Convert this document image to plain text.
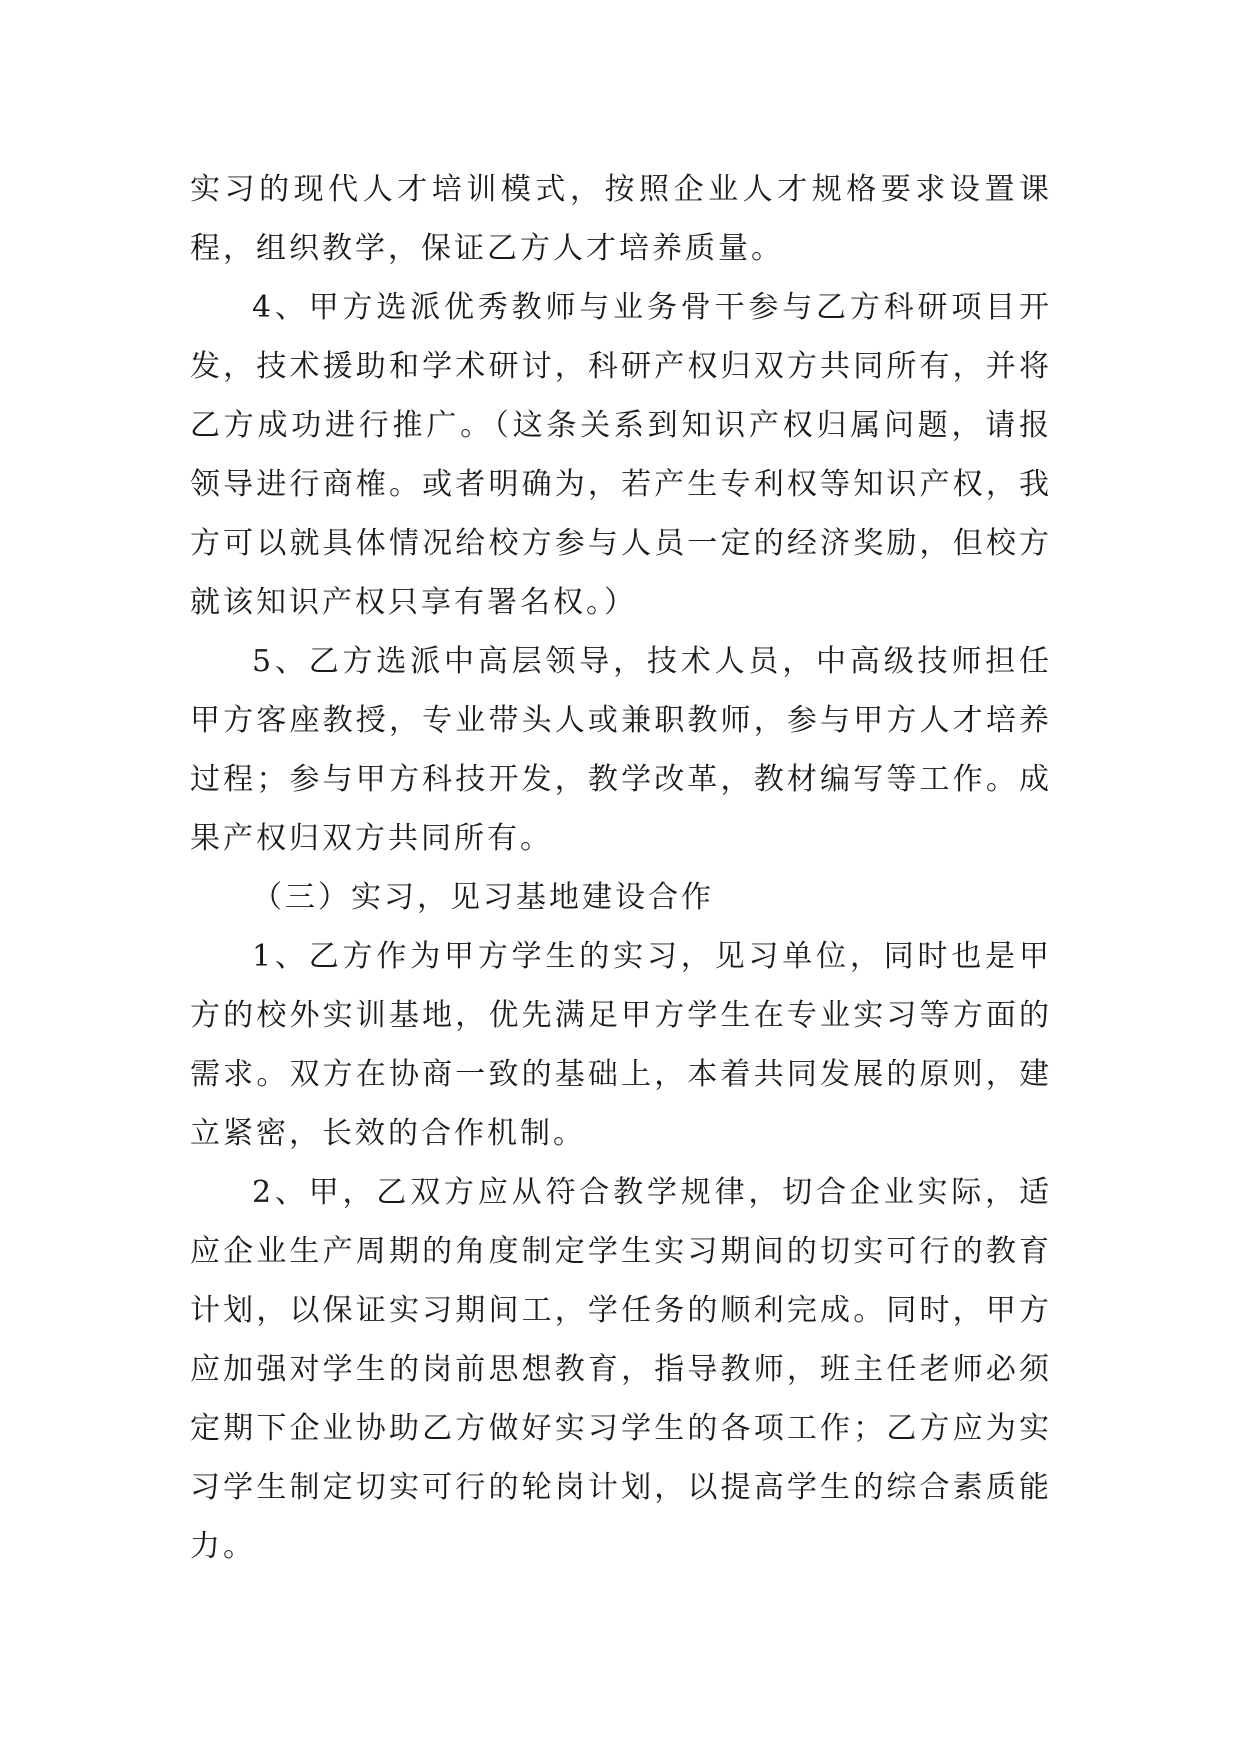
实习的现代人才培训模式，按照企业人才规格要求设置课程，组织教学，保证乙方人才培养质量。

4、甲方选派优秀教师与业务骨干参与乙方科研项目开发，技术援助和学术研讨，科研产权归双方共同所有，并将乙方成功进行推广。（这条关系到知识产权归属问题，请报领导进行商榷。或者明确为，若产生专利权等知识产权，我方可以就具体情况给校方参与人员一定的经济奖励，但校方就该知识产权只享有署名权。）

5、乙方选派中高层领导，技术人员，中高级技师担任甲方客座教授，专业带头人或兼职教师，参与甲方人才培养过程；参与甲方科技开发，教学改革，教材编写等工作。成果产权归双方共同所有。

（三）实习，见习基地建设合作

1、乙方作为甲方学生的实习，见习单位，同时也是甲方的校外实训基地，优先满足甲方学生在专业实习等方面的需求。双方在协商一致的基础上，本着共同发展的原则，建立紧密，长效的合作机制。

2、甲，乙双方应从符合教学规律，切合企业实际，适应企业生产周期的角度制定学生实习期间的切实可行的教育计划，以保证实习期间工，学任务的顺利完成。同时，甲方应加强对学生的岗前思想教育，指导教师，班主任老师必须定期下企业协助乙方做好实习学生的各项工作；乙方应为实习学生制定切实可行的轮岗计划，以提高学生的综合素质能力。
